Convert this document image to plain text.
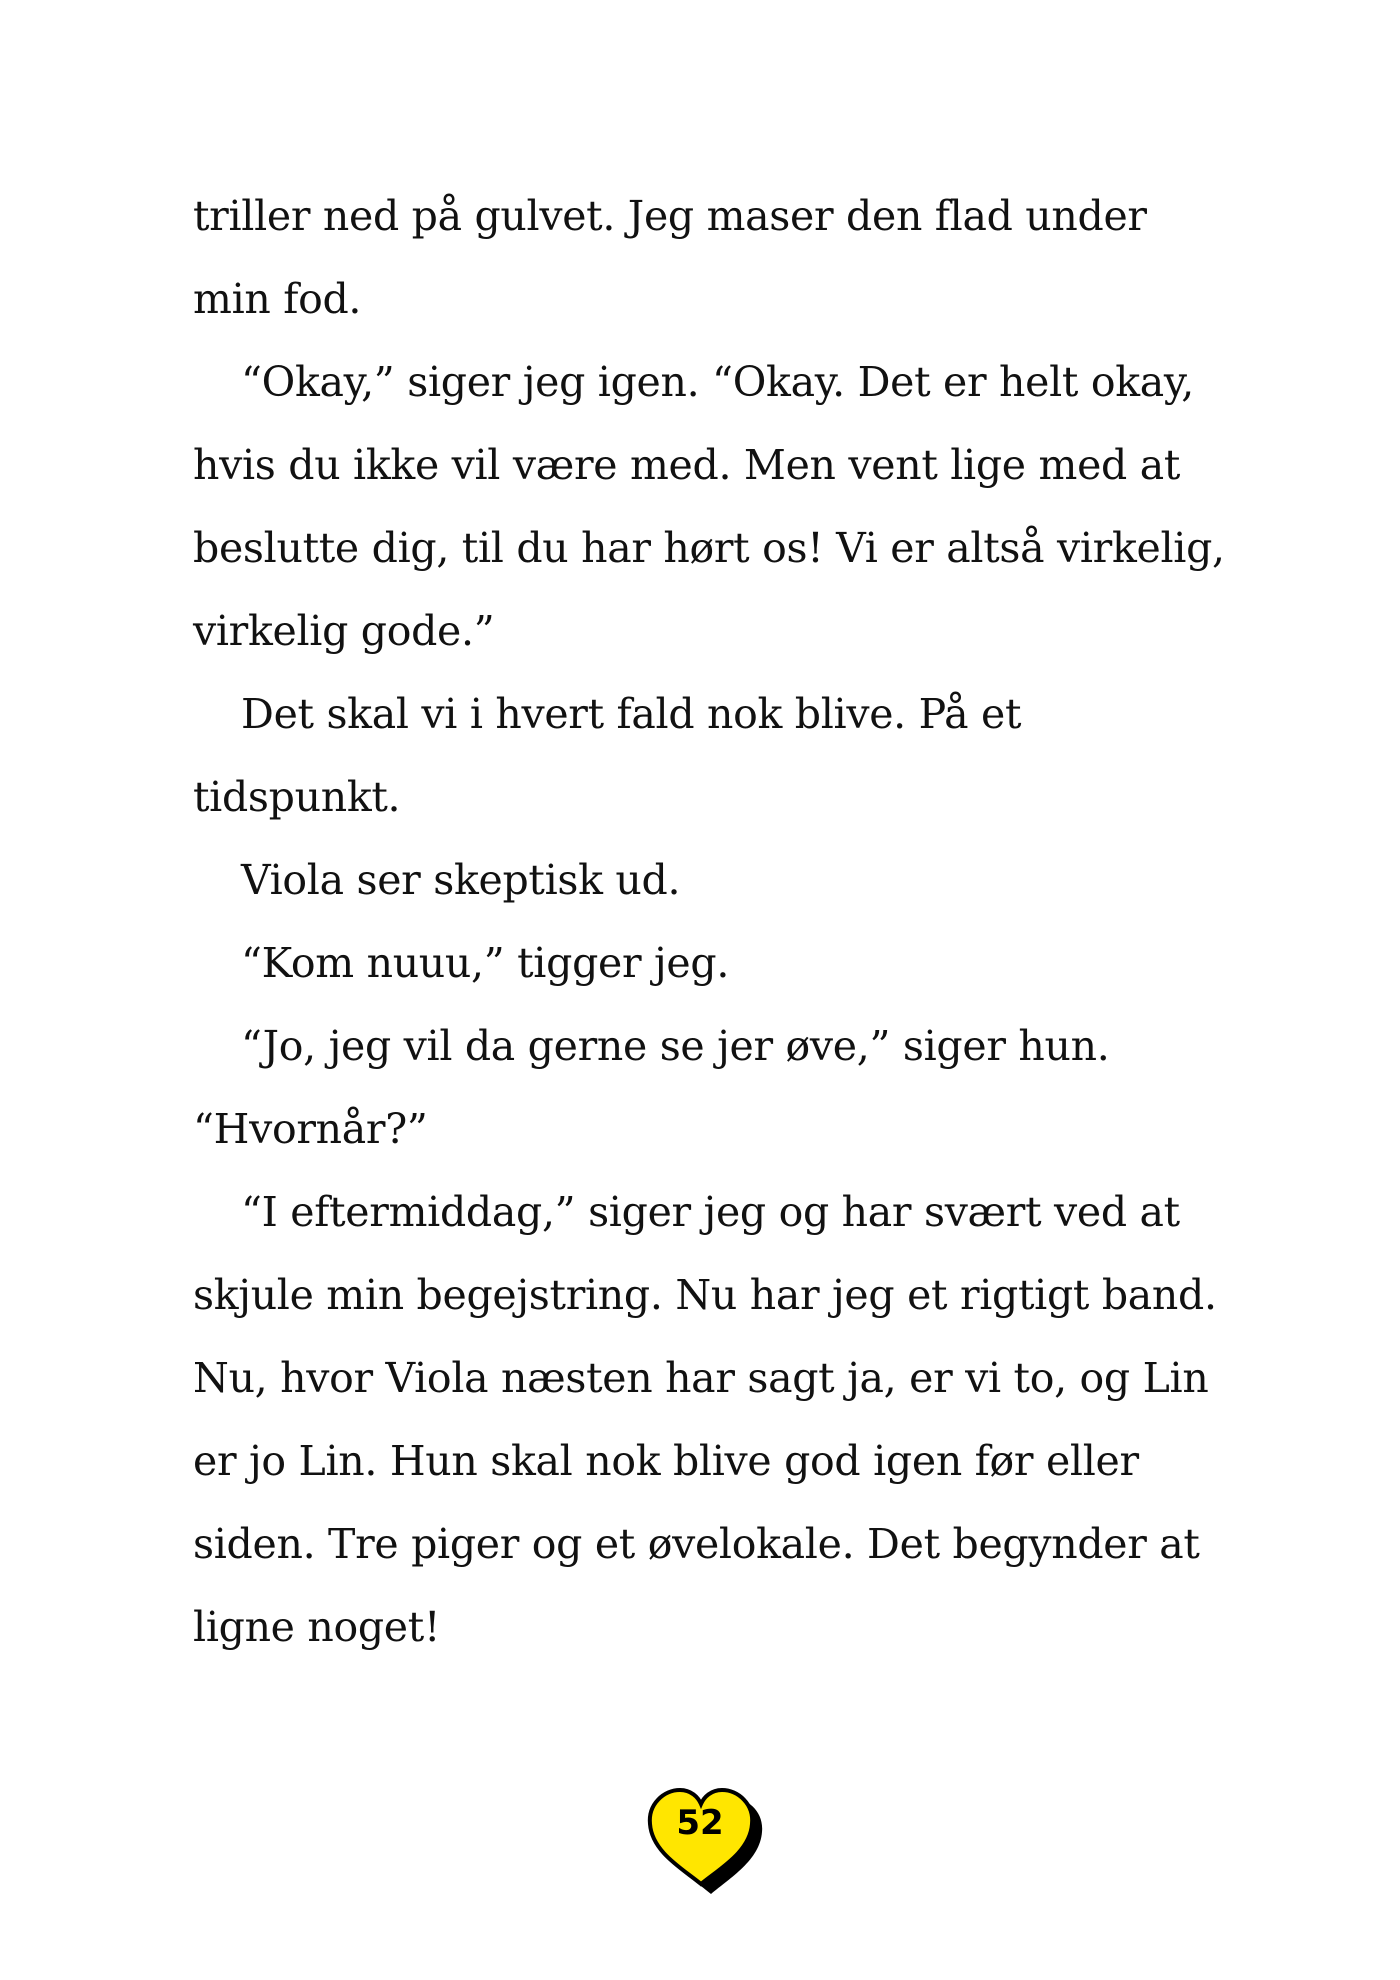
triller ned på gulvet. Jeg maser den flad under min fod.

“Okay,” siger jeg igen. “Okay. Det er helt okay, hvis du ikke vil være med. Men vent lige med at beslutte dig, til du har hørt os! Vi er altså virkelig, virkelig gode.”

Det skal vi i hvert fald nok blive. På et tidspunkt.

Viola ser skeptisk ud.

“Kom nuuu,” tigger jeg.

“Jo, jeg vil da gerne se jer øve,” siger hun. “Hvornår?”

“I eftermiddag,” siger jeg og har svært ved at skjule min begejstring. Nu har jeg et rigtigt band. Nu, hvor Viola næsten har sagt ja, er vi to, og Lin er jo Lin. Hun skal nok blive god igen før eller siden. Tre piger og et øvelokale. Det begynder at ligne noget!

52
